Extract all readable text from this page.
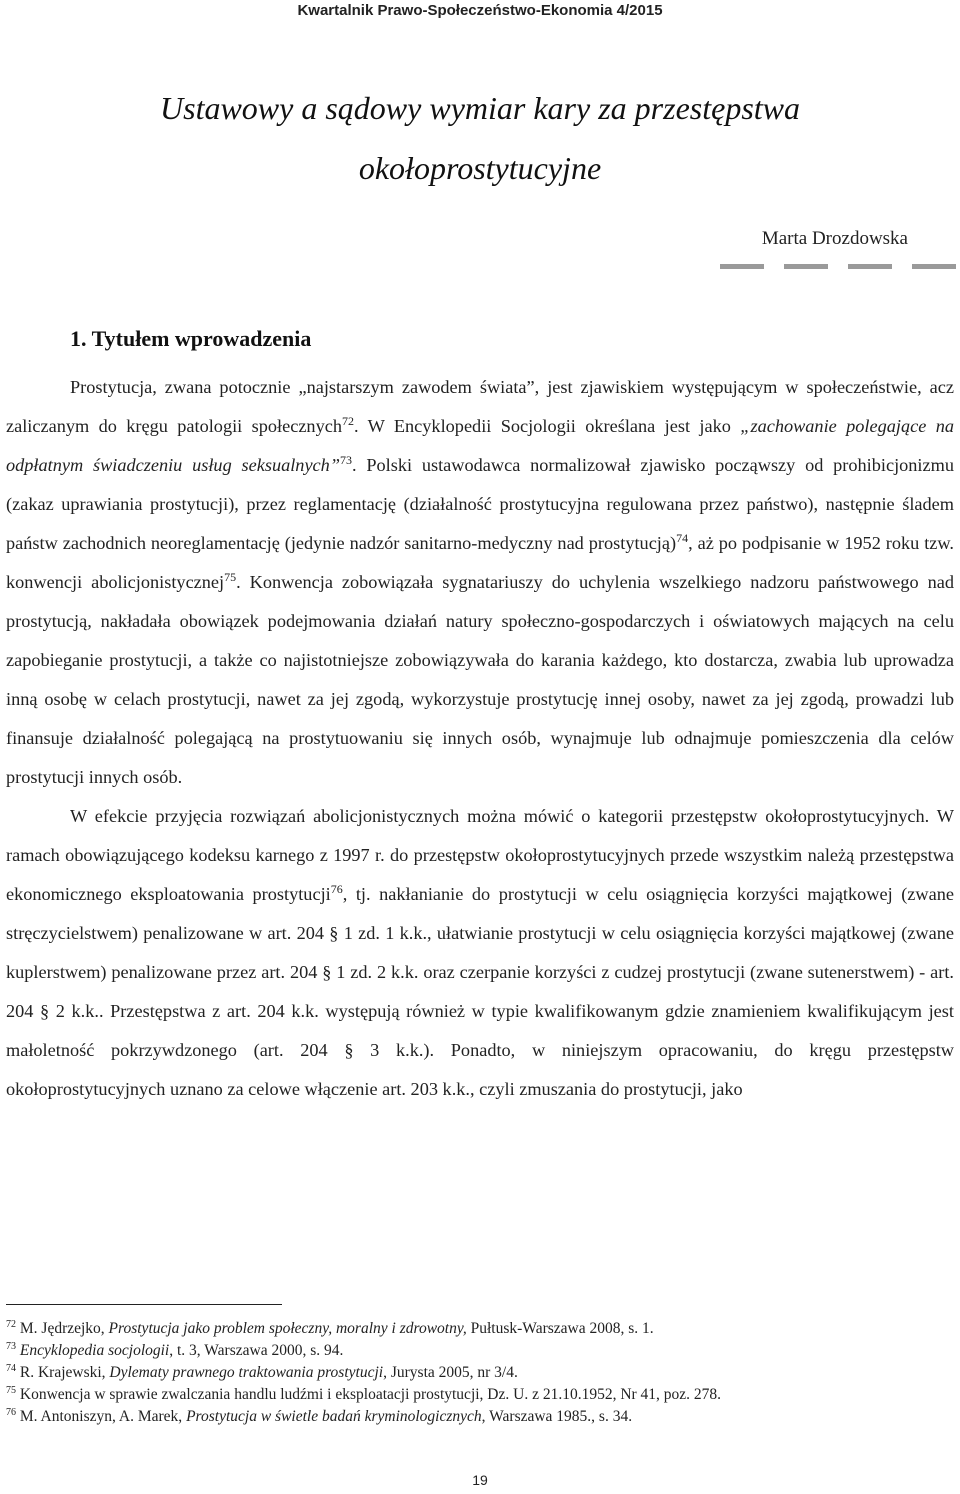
Kwartalnik Prawo-Społeczeństwo-Ekonomia 4/2015
Ustawowy a sądowy wymiar kary za przestępstwa
okołoprostytucyjne
Marta Drozdowska
1. Tytułem wprowadzenia

Prostytucja, zwana potocznie „najstarszym zawodem świata”, jest zjawiskiem występującym w społeczeństwie, acz zaliczanym do kręgu patologii społecznych$^{72}$. W Encyklopedii Socjologii określana jest jako „zachowanie polegające na odpłatnym świadczeniu usług seksualnych”$^{73}$. Polski ustawodawca normalizował zjawisko począwszy od prohibicjonizmu (zakaz uprawiania prostytucji), przez reglamentację (działalność prostytucyjna regulowana przez państwo), następnie śladem państw zachodnich neoreglamentację (jedynie nadzór sanitarno-medyczny nad prostytucją)$^{74}$, aż po podpisanie w 1952 roku tzw. konwencji abolicjonistycznej$^{75}$. Konwencja zobowiązała sygnatariuszy do uchylenia wszelkiego nadzoru państwowego nad prostytucją, nakładała obowiązek podejmowania działań natury społeczno-gospodarczych i oświatowych mających na celu zapobieganie prostytucji, a także co najistotniejsze zobowiązywała do karania każdego, kto dostarcza, zwabia lub uprowadza inną osobę w celach prostytucji, nawet za jej zgodą, wykorzystuje prostytucję innej osoby, nawet za jej zgodą, prowadzi lub finansuje działalność polegającą na prostytuowaniu się innych osób, wynajmuje lub odnajmuje pomieszczenia dla celów prostytucji innych osób.

W efekcie przyjęcia rozwiązań abolicjonistycznych można mówić o kategorii przestępstw okołoprostytucyjnych. W ramach obowiązującego kodeksu karnego z 1997 r. do przestępstw okołoprostytucyjnych przede wszystkim należą przestępstwa ekonomicznego eksploatowania prostytucji$^{76}$, tj. nakłanianie do prostytucji w celu osiągnięcia korzyści majątkowej (zwane stręczycielstwem) penalizowane w art. 204 § 1 zd. 1 k.k., ułatwianie prostytucji w celu osiągnięcia korzyści majątkowej (zwane kuplerstwem) penalizowane przez art. 204 § 1 zd. 2 k.k. oraz czerpanie korzyści z cudzej prostytucji (zwane sutenerstwem) - art. 204 § 2 k.k.. Przestępstwa z art. 204 k.k. występują również w typie kwalifikowanym gdzie znamieniem kwalifikującym jest małoletność pokrzywdzonego (art. 204 § 3 k.k.). Ponadto, w niniejszym opracowaniu, do kręgu przestępstw okołoprostytucyjnych uznano za celowe włączenie art. 203 k.k., czyli zmuszania do prostytucji, jako

$^{72}$ M. Jędrzejko, Prostytucja jako problem społeczny, moralny i zdrowotny, Pułtusk-Warszawa 2008, s. 1.
$^{73}$ Encyklopedia socjologii, t. 3, Warszawa 2000, s. 94.
$^{74}$ R. Krajewski, Dylematy prawnego traktowania prostytucji, Jurysta 2005, nr 3/4.
$^{75}$ Konwencja w sprawie zwalczania handlu ludźmi i eksploatacji prostytucji, Dz. U. z 21.10.1952, Nr 41, poz. 278.
$^{76}$ M. Antoniszyn, A. Marek, Prostytucja w świetle badań kryminologicznych, Warszawa 1985., s. 34.
19
